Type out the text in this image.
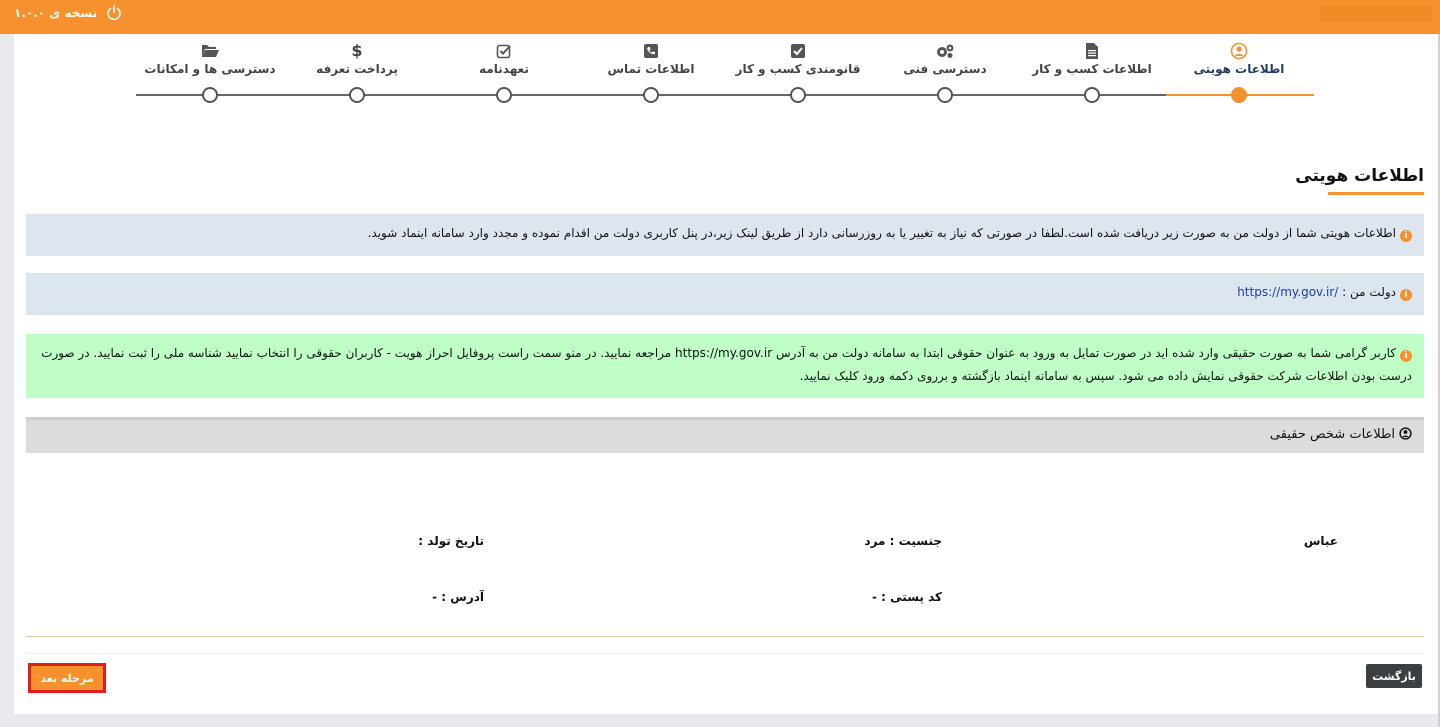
نسخه ی ۱.۰.۰
اطلاعات هویتی
اطلاعات کسب و کار
دسترسی فنی
قانومندی کسب و کار
اطلاعات تماس
تعهدنامه
$
پرداخت تعرفه
دسترسی ها و امکانات
اطلاعات هویتی
iاطلاعات هویتی شما از دولت من به صورت زیر دریافت شده است.لطفا در صورتی که نیاز به تغییر یا به روزرسانی دارد از طریق لینک زیر،در پنل کاربری دولت من اقدام نموده و مجدد وارد سامانه اینماد شوید.
iدولت من : https://my.gov.ir/
iکاربر گرامی شما به صورت حقیقی وارد شده اید در صورت تمایل به ورود به عنوان حقوقی ابتدا به سامانه دولت من به آدرس https://my.gov.ir مراجعه نمایید. در منو سمت راست پروفایل احراز هویت - کاربران حقوقی را انتخاب نمایید شناسه ملی را ثبت نمایید. در صورت درست بودن اطلاعات شرکت حقوقی نمایش داده می شود. سپس به سامانه اینماد بازگشته و برروی دکمه ورود کلیک نمایید.
اطلاعات شخص حقیقی
عباس
جنسیت : مرد
تاریخ تولد :
کد پستی : -
آدرس : -
بازگشت
مرحله بعد
